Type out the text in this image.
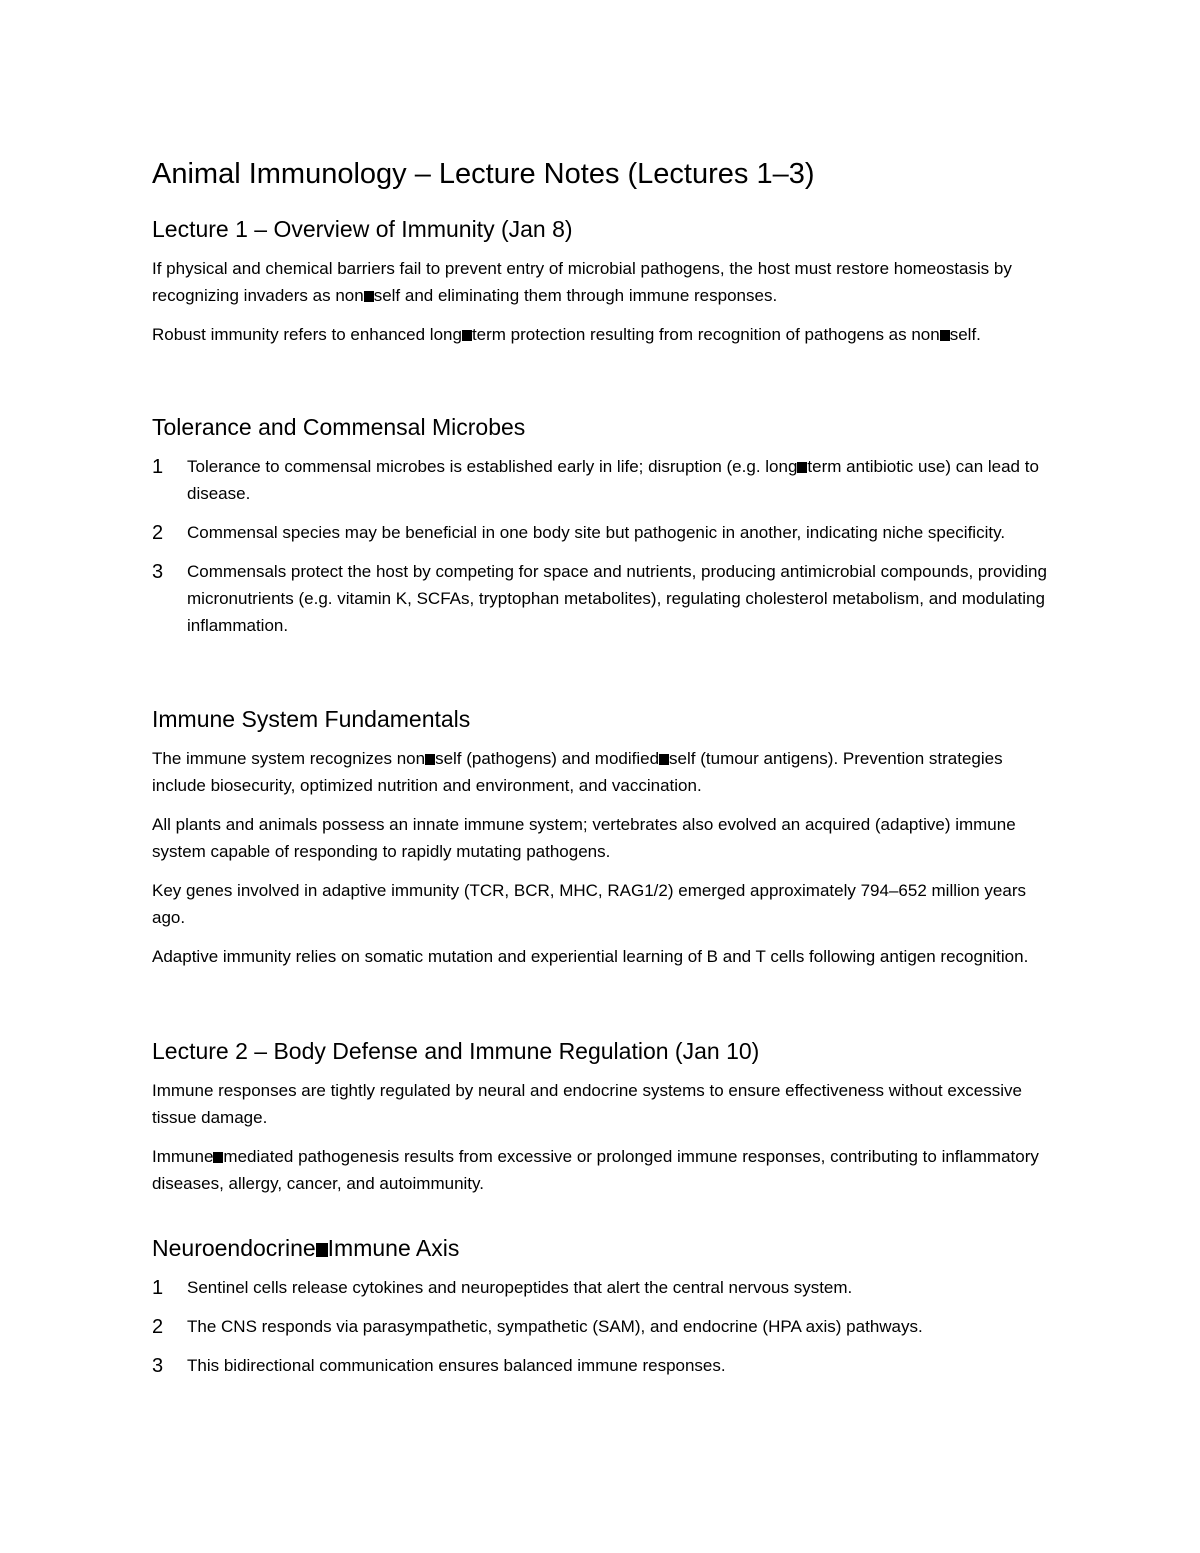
Animal Immunology – Lecture Notes (Lectures 1–3)
Lecture 1 – Overview of Immunity (Jan 8)

If physical and chemical barriers fail to prevent entry of microbial pathogens, the host must restore homeostasis by recognizing invaders as non self and eliminating them through immune responses.

Robust immunity refers to enhanced long term protection resulting from recognition of pathogens as non self.

Tolerance and Commensal Microbes
1 Tolerance to commensal microbes is established early in life; disruption (e.g. long term antibiotic use) can lead to disease.
2 Commensal species may be beneficial in one body site but pathogenic in another, indicating niche specificity.
3 Commensals protect the host by competing for space and nutrients, producing antimicrobial compounds, providing micronutrients (e.g. vitamin K, SCFAs, tryptophan metabolites), regulating cholesterol metabolism, and modulating inflammation.
Immune System Fundamentals

The immune system recognizes non self (pathogens) and modified self (tumour antigens). Prevention strategies include biosecurity, optimized nutrition and environment, and vaccination.

All plants and animals possess an innate immune system; vertebrates also evolved an acquired (adaptive) immune system capable of responding to rapidly mutating pathogens.

Key genes involved in adaptive immunity (TCR, BCR, MHC, RAG1/2) emerged approximately 794–652 million years ago.

Adaptive immunity relies on somatic mutation and experiential learning of B and T cells following antigen recognition.

Lecture 2 – Body Defense and Immune Regulation (Jan 10)

Immune responses are tightly regulated by neural and endocrine systems to ensure effectiveness without excessive tissue damage.

Immune mediated pathogenesis results from excessive or prolonged immune responses, contributing to inflammatory diseases, allergy, cancer, and autoimmunity.

Neuroendocrine Immune Axis
1 Sentinel cells release cytokines and neuropeptides that alert the central nervous system.
2 The CNS responds via parasympathetic, sympathetic (SAM), and endocrine (HPA axis) pathways.
3 This bidirectional communication ensures balanced immune responses.
